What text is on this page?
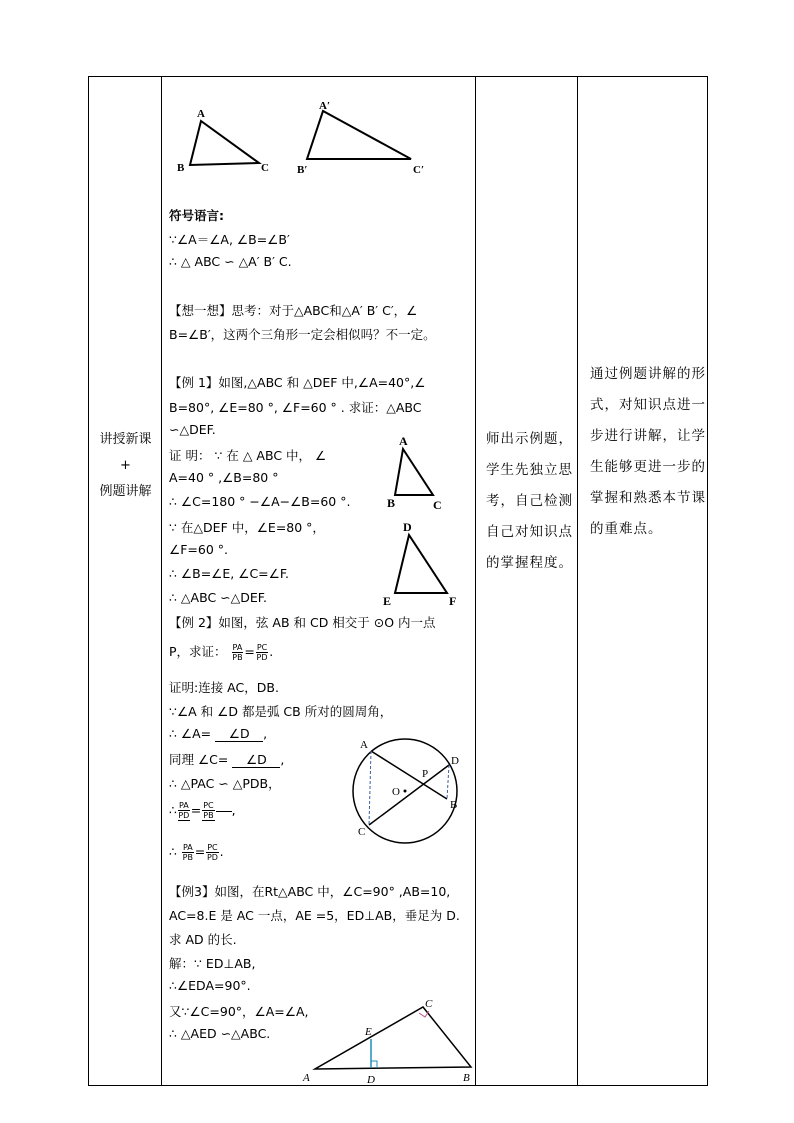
讲授新课
+
例题讲解
A
B	C
A′
B′	C′
符号语言:
∵∠A＝∠A, ∠B=∠B′
∴ △ ABC ∽ △A′ B′ C.
【想一想】思考：对于△ABC和△A′ B′ C′，∠
B=∠B′，这两个三角形一定会相似吗？不一定。
【例 1】如图,△ABC 和 △DEF 中,∠A=40°,∠
B=80°, ∠E=80 °, ∠F=60 ° . 求证：△ABC
∽△DEF.
证 明： ∵ 在 △ ABC 中， ∠
A=40 ° ,∠B=80 °
∴ ∠C=180 ° −∠A−∠B=60 °.
∵ 在△DEF 中，∠E=80 °，
∠F=60 °.
∴ ∠B=∠E, ∠C=∠F.
∴ △ABC ∽△DEF.
A
B	C
D
E	F
【例 2】如图，弦 AB 和 CD 相交于 ⊙O 内一点
P，求证： $\frac{PA}{PB} = \frac{PC}{PD}$ .
证明:连接 AC，DB.
∵∠A 和 ∠D 都是弧 CB 所对的圆周角，
∴ ∠A= ∠D ,
同理 ∠C= ∠D ,
∴ △PAC ∽ △PDB，
∴ $\frac{PA}{PD} = \frac{PC}{PB}$ ,
∴ $\frac{PA}{PB} = \frac{PC}{PD}$ .
A
B
C
D
P
O
【例3】如图，在Rt△ABC 中，∠C=90° ,AB=10,
AC=8.E 是 AC 一点，AE =5，ED⊥AB，垂足为 D.
求 AD 的长.
解：∵ ED⊥AB,
∴∠EDA=90°.
又∵∠C=90°，∠A=∠A,
∴ △AED ∽△ABC.
A	B
C
D
E
师出示例题，学生先独立思考，自己检测自己对知识点的掌握程度。
通过例题讲解的形式，对知识点进一步进行讲解，让学生能够更进一步的掌握和熟悉本节课的重难点。
